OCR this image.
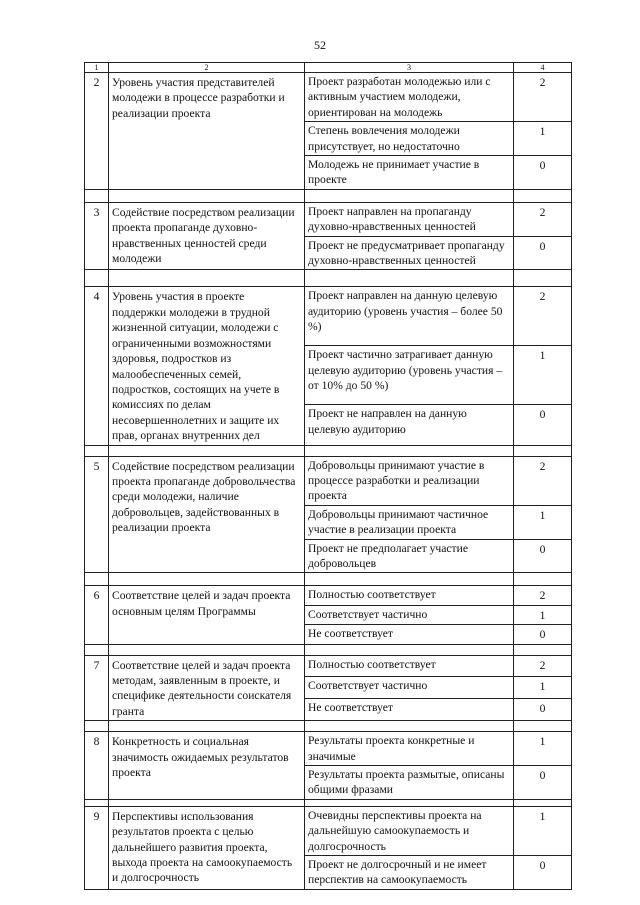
52
1	2	3	4
2	Уровень участия представителей молодежи в процессе разработки и реализации проекта	Проект разработан молодежью или с активным участием молодежи, ориентирован на молодежь	2
		Степень вовлечения молодежи присутствует, но недостаточно	1
		Молодежь не принимает участие в проекте	0

3	Содействие посредством реализации проекта пропаганде духовно-нравственных ценностей среди молодежи	Проект направлен на пропаганду духовно-нравственных ценностей	2
		Проект не предусматривает пропаганду духовно-нравственных ценностей	0

4	Уровень участия в проекте поддержки молодежи в трудной жизненной ситуации, молодежи с ограниченными возможностями здоровья, подростков из малообеспеченных семей, подростков, состоящих на учете в комиссиях по делам несовершеннолетних и защите их прав, органах внутренних дел	Проект направлен на данную целевую аудиторию (уровень участия – более 50 %)	2
		Проект частично затрагивает данную целевую аудиторию (уровень участия – от 10% до 50 %)	1
		Проект не направлен на данную целевую аудиторию	0

5	Содействие посредством реализации проекта пропаганде добровольчества среди молодежи, наличие добровольцев, задействованных в реализации проекта	Добровольцы принимают участие в процессе разработки и реализации проекта	2
		Добровольцы принимают частичное участие в реализации проекта	1
		Проект не предполагает участие добровольцев	0

6	Соответствие целей и задач проекта основным целям Программы	Полностью соответствует	2
		Соответствует частично	1
		Не соответствует	0

7	Соответствие целей и задач проекта методам, заявленным в проекте, и специфике деятельности соискателя гранта	Полностью соответствует	2
		Соответствует частично	1
		Не соответствует	0

8	Конкретность и социальная значимость ожидаемых результатов проекта	Результаты проекта конкретные и значимые	1
		Результаты проекта размытые, описаны общими фразами	0

9	Перспективы использования результатов проекта с целью дальнейшего развития проекта, выхода проекта на самоокупаемость и долгосрочность	Очевидны перспективы проекта на дальнейшую самоокупаемость и долгосрочность	1
		Проект не долгосрочный и не имеет перспектив на самоокупаемость	0
